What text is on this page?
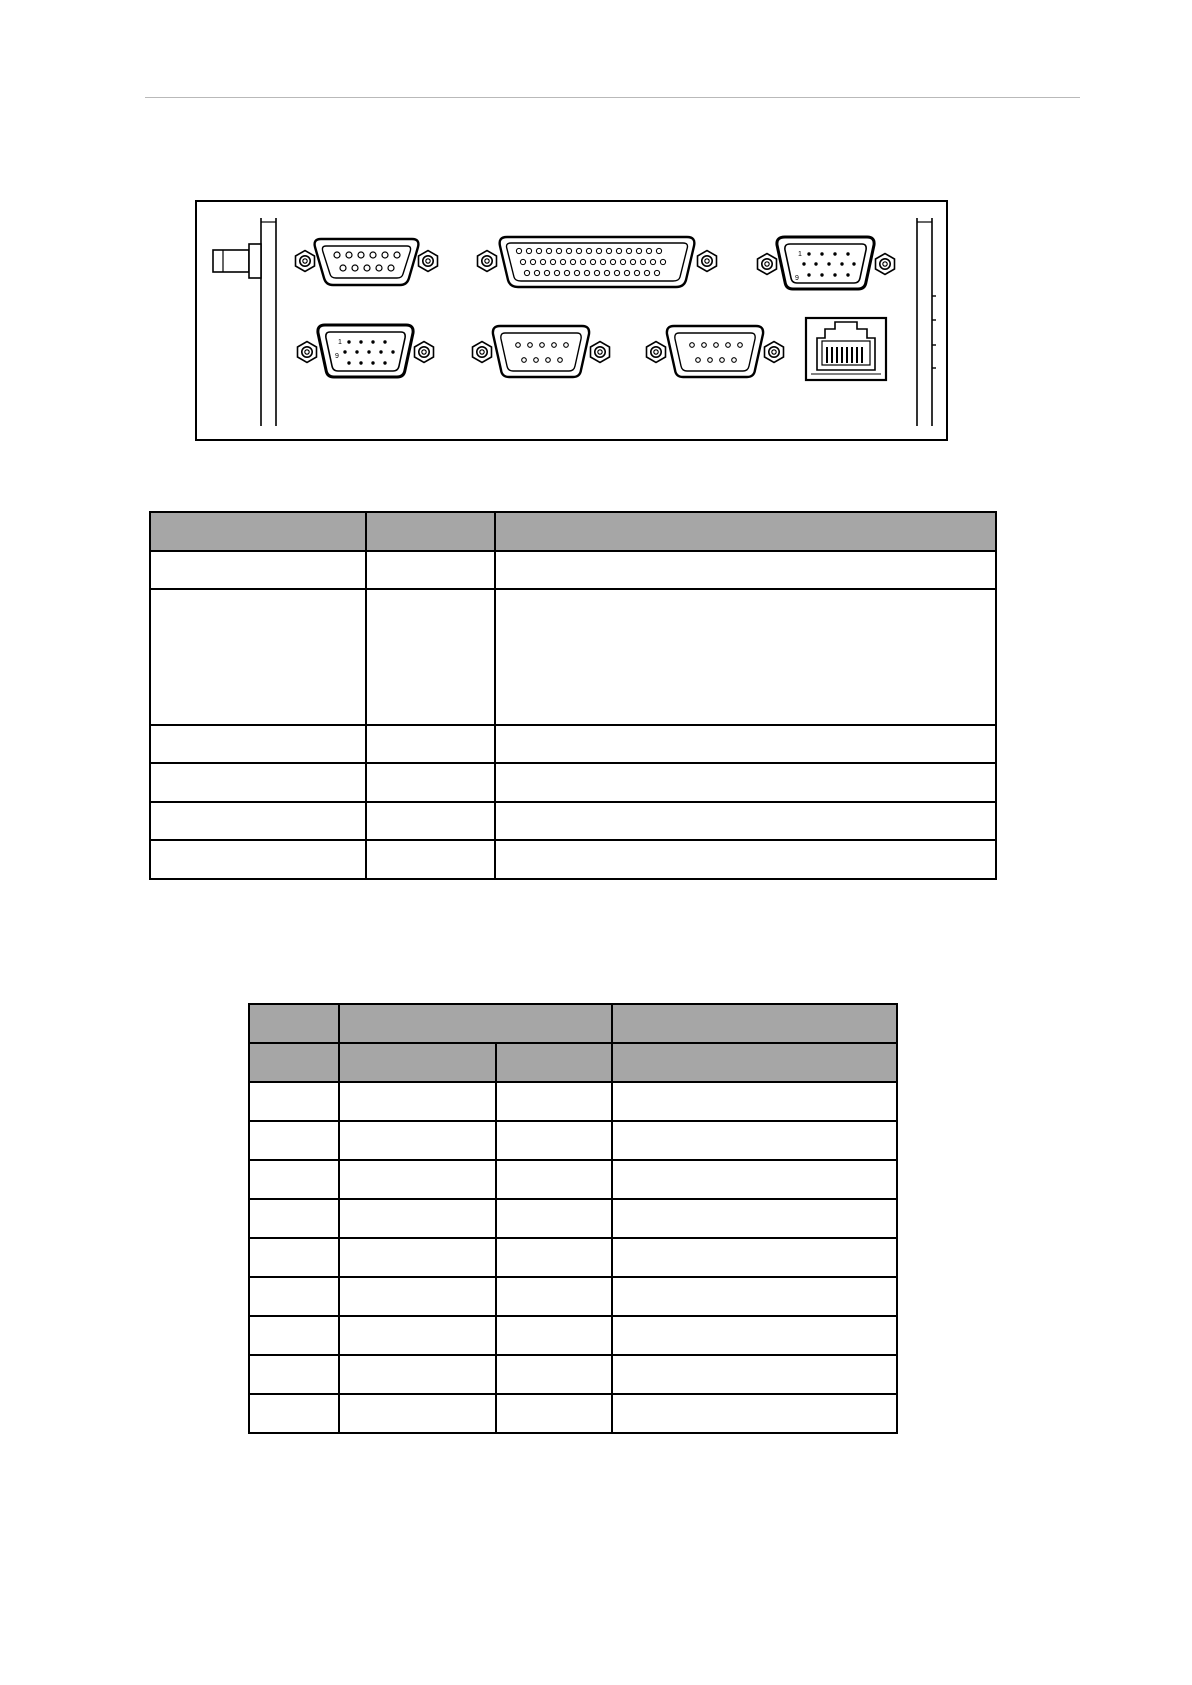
1
9
1
9
